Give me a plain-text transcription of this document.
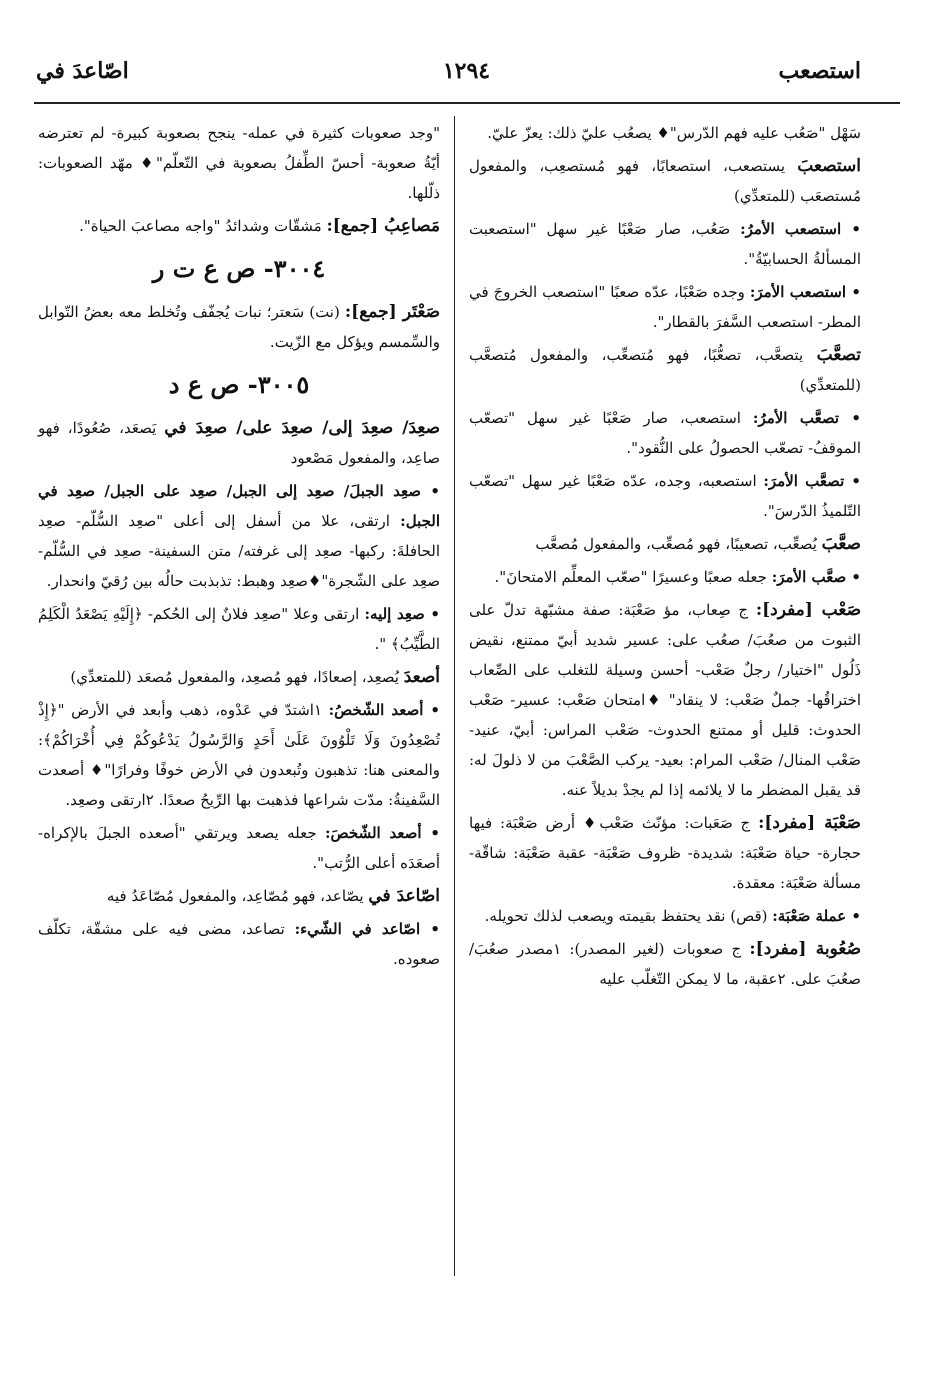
استصعب
١٢٩٤
اصّاعدَ في

سَهْل "صَعُب عليه فهم الدّرس"♦ يصعُب عليّ ذلك: يعزّ عليّ.

استصعبَ يستصعب، استصعابًا، فهو مُستصعِب، والمفعول مُستصعَب (للمتعدِّي)

• استصعب الأمرُ: صَعُب، صار صَعْبًا غير سهل "استصعبت المسألةُ الحسابيّةُ".

• استصعب الأمرَ: وجده صَعْبًا، عدّه صعبًا "استصعب الخروجَ في المطر- استصعب السَّفرَ بالقطار".

تصعَّبَ يتصعَّب، تصعُّبًا، فهو مُتصعِّب، والمفعول مُتصعَّب (للمتعدِّي)

• تصعَّب الأمرُ: استصعب، صار صَعْبًا غير سهل "تصعّب الموقفُ- تصعّب الحصولُ على النُّقود".

• تصعَّب الأمرَ: استصعبه، وجده، عدّه صَعْبًا غير سهل "تصعّب التّلميذُ الدّرسَ".

صعَّبَ يُصعِّب، تصعيبًا، فهو مُصعِّب، والمفعول مُصعَّب

• صعَّب الأمرَ: جعله صعبًا وعسيرًا "صعّب المعلِّم الامتحانَ".

صَعْب [مفرد]: ج صِعاب، مؤ صَعْبَة: صفة مشبّهة تدلّ على الثبوت من صعُبَ/ صعُب على: عسير شديد أبيّ ممتنع، نقيض ذَلُول "اختيار/ رجلٌ صَعْب- أحسن وسيلة للتغلب على الصِّعاب اختراقُها- جملٌ صَعْب: لا ينقاد" ♦امتحان صَعْب: عسير- صَعْب الحدوث: قليل أو ممتنع الحدوث- صَعْب المراس: أبيّ، عنيد- صَعْب المنال/ صَعْب المرام: بعيد- يركب الصَّعْبَ من لا ذلولَ له: قد يقبل المضطر ما لا يلائمه إذا لم يجدْ بديلاً عنه.

صَعْبَة [مفرد]: ج صَعَبات: مؤنّث صَعْب♦ أرض صَعْبَة: فيها حجارة- حياة صَعْبَة: شديدة- ظروف صَعْبَة- عقبة صَعْبَة: شاقّة- مسألة صَعْبَة: معقدة.

• عملة صَعْبَة: (قص) نقد يحتفظ بقيمته ويصعب لذلك تحويله.

صُعُوبة [مفرد]: ج صعوبات (لغير المصدر): ١مصدر صعُبَ/ صعُبَ على. ٢عقبة، ما لا يمكن التّغلّب عليه

"وجد صعوبات كثيرة في عمله- ينجح بصعوبة كبيرة- لم تعترضه أيّةُ صعوبة- أحسّ الطِّفلُ بصعوبة في التّعلّم"♦ مهّد الصعوبات: ذلّلها.

مَصاعِبُ [جمع]: مَشقّات وشدائدُ "واجه مصاعبَ الحياة".

٣٠٠٤- ص ع ت ر

صَعْتَر [جمع]: (نت) سَعتر؛ نبات يُجفّف وتُخلط معه بعضُ التّوابل والسِّمسم ويؤكل مع الزّيت.

٣٠٠٥- ص ع د

صعِدَ/ صعِدَ إلى/ صعِدَ على/ صعِدَ في يَصعَد، صُعُودًا، فهو صاعِد، والمفعول مَصْعود

• صعِد الجبلَ/ صعِد إلى الجبل/ صعِد على الجبل/ صعِد في الجبل: ارتقى، علا من أسفل إلى أعلى "صعِد السُّلّم- صعِد الحافلةَ: ركبها- صعِد إلى غرفته/ متن السفينة- صعِد في السُّلّم- صعِد على الشّجرة"♦صعِد وهبط: تذبذبت حالُه بين رُقيّ وانحدار.

• صعِد إليه: ارتقى وعلا "صعِد فلانٌ إلى الحُكم- ﴿إِلَيْهِ يَصْعَدُ الْكَلِمُ الطَّيِّبُ﴾ ".

أصعدَ يُصعِد، إصعادًا، فهو مُصعِد، والمفعول مُصعَد (للمتعدِّي)

• أصعد الشّخصُ: ١اشتدّ في عَدْوه، ذهب وأبعد في الأرض "﴿إِذْ تُصْعِدُونَ وَلَا تَلْوُونَ عَلَىٰ أَحَدٍ وَالرَّسُولُ يَدْعُوكُمْ فِي أُخْرَاكُمْ﴾: والمعنى هنا: تذهبون وتُبعدون في الأرض خوفًا وفرارًا"♦ أصعدت السَّفينةُ: مدّت شراعها فذهبت بها الرِّيحُ صعدًا. ٢ارتقى وصعِد.

• أصعد الشّخصَ: جعله يصعد ويرتقي "أصعده الجبلَ بالإكراه- أصعَدَه أعلى الرُّتب".

اصّاعدَ في يصّاعد، فهو مُصّاعِد، والمفعول مُصّاعَدُ فيه

• اصّاعد في الشّيء: تصاعد، مضى فيه على مشقّة، تكلّف صعوده.
